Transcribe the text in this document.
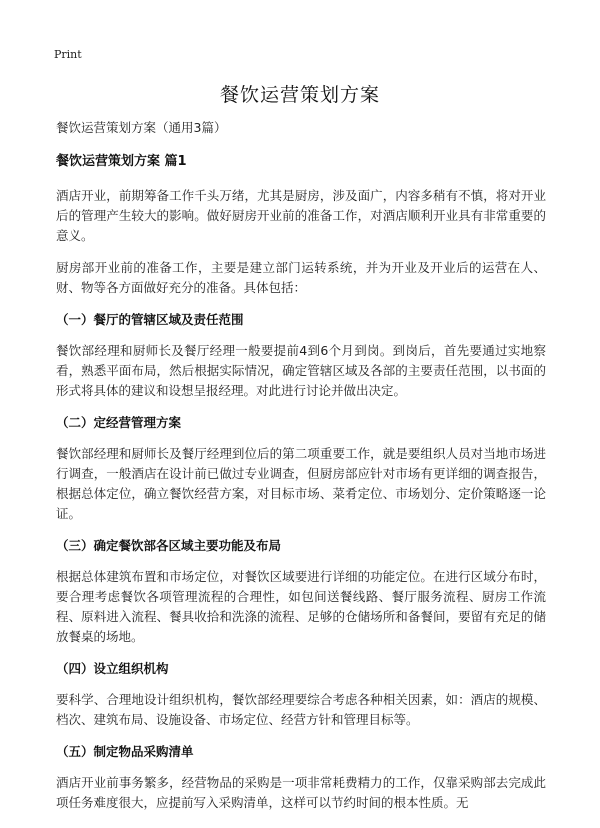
Print
餐饮运营策划方案

餐饮运营策划方案（通用3篇）

餐饮运营策划方案 篇1

酒店开业，前期筹备工作千头万绪，尤其是厨房，涉及面广，内容多稍有不慎，将对开业后的管理产生较大的影响。做好厨房开业前的准备工作，对酒店顺利开业具有非常重要的意义。

厨房部开业前的准备工作，主要是建立部门运转系统，并为开业及开业后的运营在人、财、物等各方面做好充分的准备。具体包括：

（一）餐厅的管辖区域及责任范围

餐饮部经理和厨师长及餐厅经理一般要提前4到6个月到岗。到岗后，首先要通过实地察看，熟悉平面布局，然后根据实际情况，确定管辖区域及各部的主要责任范围，以书面的形式将具体的建议和设想呈报经理。对此进行讨论并做出决定。

（二）定经营管理方案

餐饮部经理和厨师长及餐厅经理到位后的第二项重要工作，就是要组织人员对当地市场进行调查，一般酒店在设计前已做过专业调查，但厨房部应针对市场有更详细的调查报告，根据总体定位，确立餐饮经营方案，对目标市场、菜肴定位、市场划分、定价策略逐一论证。

（三）确定餐饮部各区域主要功能及布局

根据总体建筑布置和市场定位，对餐饮区域要进行详细的功能定位。在进行区域分布时，要合理考虑餐饮各项管理流程的合理性，如包间送餐线路、餐厅服务流程、厨房工作流程、原料进入流程、餐具收拾和洗涤的流程、足够的仓储场所和备餐间，要留有充足的储放餐桌的场地。

（四）设立组织机构

要科学、合理地设计组织机构，餐饮部经理要综合考虑各种相关因素，如：酒店的规模、档次、建筑布局、设施设备、市场定位、经营方针和管理目标等。

（五）制定物品采购清单

酒店开业前事务繁多，经营物品的采购是一项非常耗费精力的工作，仅靠采购部去完成此项任务难度很大，应提前写入采购清单，这样可以节约时间的根本性质。无
